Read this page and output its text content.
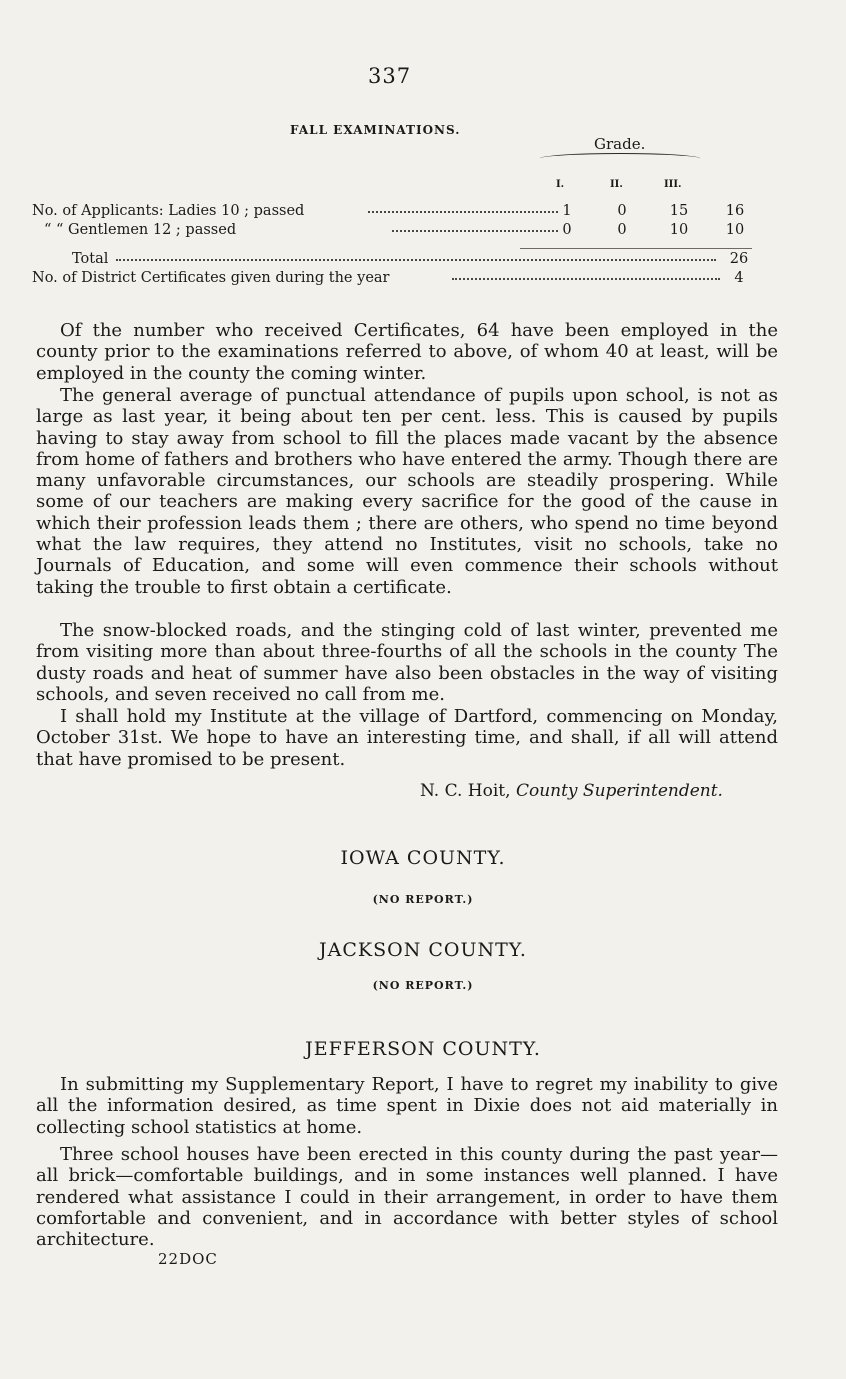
337
FALL EXAMINATIONS.
Grade.
I.	II.	III.
No. of Applicants: Ladies 10 ; passed	1	0	15	16
“ “ Gentlemen 12 ; passed	0	0	10	10
Total	26
No. of District Certificates given during the year	4

Of the number who received Certificates, 64 have been employed in the county prior to the examinations referred to above, of whom 40 at least, will be employed in the county the coming winter.

The general average of punctual attendance of pupils upon school, is not as large as last year, it being about ten per cent. less. This is caused by pupils having to stay away from school to fill the places made vacant by the absence from home of fathers and brothers who have entered the army. Though there are many unfavorable circumstances, our schools are steadily prospering. While some of our teachers are making every sacrifice for the good of the cause in which their profession leads them ; there are others, who spend no time beyond what the law requires, they attend no Institutes, visit no schools, take no Journals of Education, and some will even commence their schools without taking the trouble to first obtain a certificate.

The snow-blocked roads, and the stinging cold of last winter, prevented me from visiting more than about three-fourths of all the schools in the county The dusty roads and heat of summer have also been obstacles in the way of visiting schools, and seven received no call from me.

I shall hold my Institute at the village of Dartford, commencing on Monday, October 31st. We hope to have an interesting time, and shall, if all will attend that have promised to be present.

N. C. Hoit, County Superintendent.
IOWA COUNTY.
(NO REPORT.)
JACKSON COUNTY.
(NO REPORT.)
JEFFERSON COUNTY.

In submitting my Supplementary Report, I have to regret my inability to give all the information desired, as time spent in Dixie does not aid materially in collecting school statistics at home.

Three school houses have been erected in this county during the past year—all brick—comfortable buildings, and in some instances well planned. I have rendered what assistance I could in their arrangement, in order to have them comfortable and convenient, and in accordance with better styles of school architecture.

22DOC
